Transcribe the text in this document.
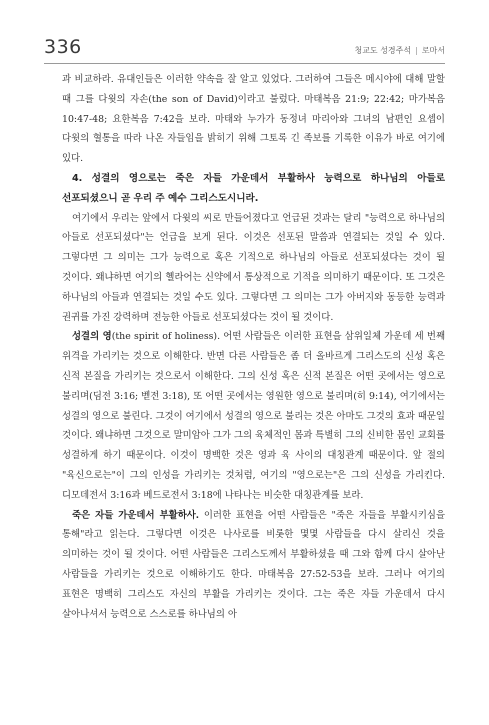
336	청교도 성경주석 | 로마서

과 비교하라. 유대인들은 이러한 약속을 잘 알고 있었다. 그러하여 그들은 메시야에 대해 말할 때 그를 다윗의 자손(the son of David)이라고 불렀다. 마태복음 21:9; 22:42; 마가복음 10:47-48; 요한복음 7:42을 보라. 마태와 누가가 동정녀 마리아와 그녀의 남편인 요셉이 다윗의 혈통을 따라 나온 자들임을 밝히기 위해 그토록 긴 족보를 기록한 이유가 바로 여기에 있다.

4. 성결의 영으로는 죽은 자들 가운데서 부활하사 능력으로 하나님의 아들로 선포되셨으니 곧 우리 주 예수 그리스도시니라.

여기에서 우리는 앞에서 다윗의 씨로 만들어졌다고 언급된 것과는 달리 "능력으로 하나님의 아들로 선포되셨다"는 언급을 보게 된다. 이것은 선포된 말씀과 연결되는 것일 수 있다. 그렇다면 그 의미는 그가 능력으로 혹은 기적으로 하나님의 아들로 선포되셨다는 것이 될 것이다. 왜냐하면 여기의 헬라어는 신약에서 통상적으로 기적을 의미하기 때문이다. 또 그것은 하나님의 아들과 연결되는 것일 수도 있다. 그렇다면 그 의미는 그가 아버지와 동등한 능력과 권귀를 가진 강력하며 전능한 아들로 선포되셨다는 것이 될 것이다.

성결의 영(the spirit of holiness). 어떤 사람들은 이러한 표현을 삼위일체 가운데 세 번째 위격을 가리키는 것으로 이해한다. 반면 다른 사람들은 좀 더 올바르게 그리스도의 신성 혹은 신적 본질을 가리키는 것으로서 이해한다. 그의 신성 혹은 신적 본질은 어떤 곳에서는 영으로 불리며(딤전 3:16; 벧전 3:18), 또 어떤 곳에서는 영원한 영으로 불리며(히 9:14), 여기에서는 성결의 영으로 불린다. 그것이 여기에서 성결의 영으로 불리는 것은 아마도 그것의 효과 때문일 것이다. 왜냐하면 그것으로 말미암아 그가 그의 육체적인 몸과 특별히 그의 신비한 몸인 교회를 성결하게 하기 때문이다. 이것이 명백한 것은 영과 육 사이의 대칭관계 때문이다. 앞 절의 "육신으로는"이 그의 인성을 가리키는 것처럼, 여기의 "영으로는"은 그의 신성을 가리킨다. 디모데전서 3:16과 베드로전서 3:18에 나타나는 비슷한 대칭관계를 보라.

죽은 자들 가운데서 부활하사. 이러한 표현을 어떤 사람들은 "죽은 자들을 부활시키심을 통해"라고 읽는다. 그렇다면 이것은 나사로를 비롯한 몇몇 사람들을 다시 살리신 것을 의미하는 것이 될 것이다. 어떤 사람들은 그리스도께서 부활하셨을 때 그와 함께 다시 살아난 사람들을 가리키는 것으로 이해하기도 한다. 마태복음 27:52-53을 보라. 그러나 여기의 표현은 명백히 그리스도 자신의 부활을 가리키는 것이다. 그는 죽은 자들 가운데서 다시 살아나셔서 능력으로 스스로를 하나님의 아
